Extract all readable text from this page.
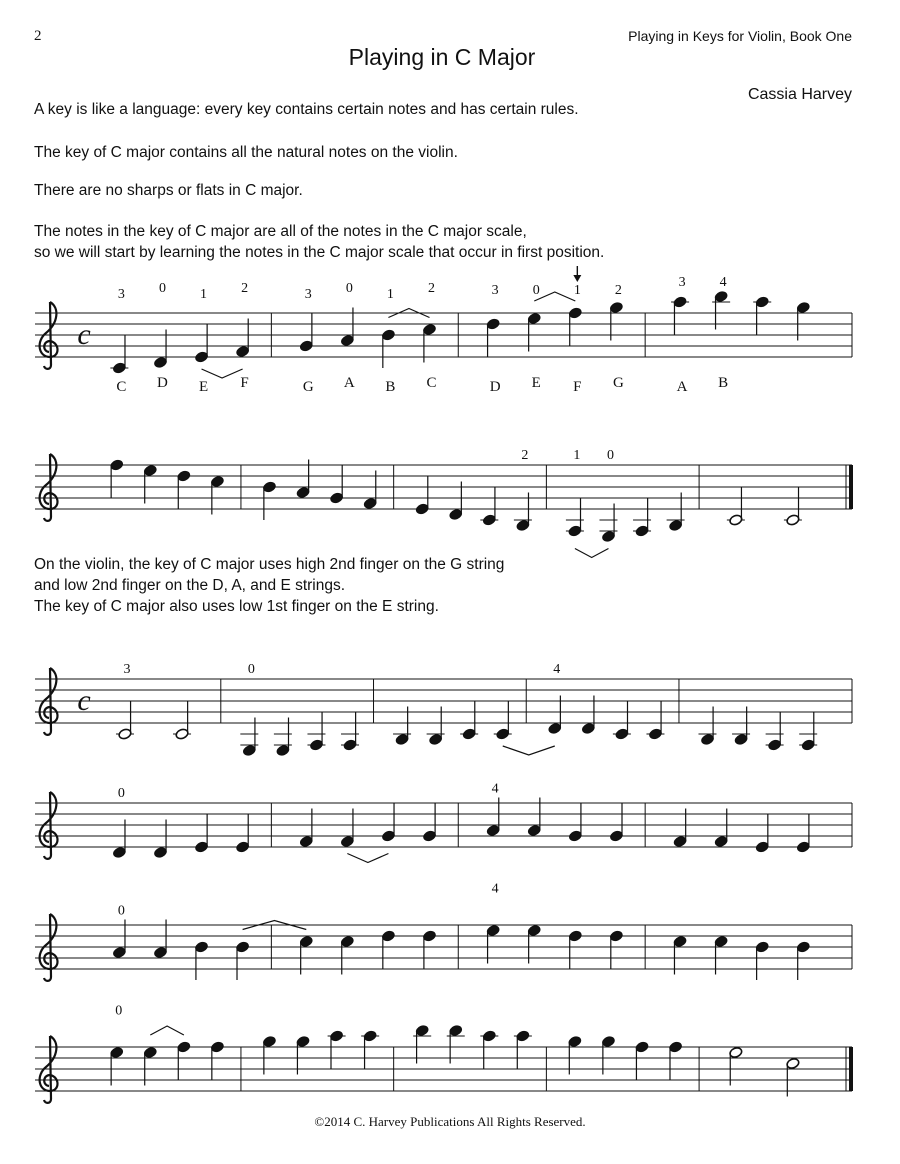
2	Playing in Keys for Violin, Book One
Playing in C Major
Cassia Harvey
A key is like a language: every key contains certain notes and has certain rules.
The key of C major contains all the natural notes on the violin.
There are no sharps or flats in C major.
The notes in the key of C major are all of the notes in the C major scale,
so we will start by learning the notes in the C major scale that occur in first position.
On the violin, the key of C major uses high 2nd finger on the G string
and low 2nd finger on the D, A, and E strings.
The key of C major also uses low 1st finger on the E string.
©2014 C. Harvey Publications All Rights Reserved.
c
3 0 1 2	3 0 1 2	3 0 1 2
3 4
C D E F	G A B C	D E F G	A B
2	1 0
c
3	0	4
0	4
0
4
0
